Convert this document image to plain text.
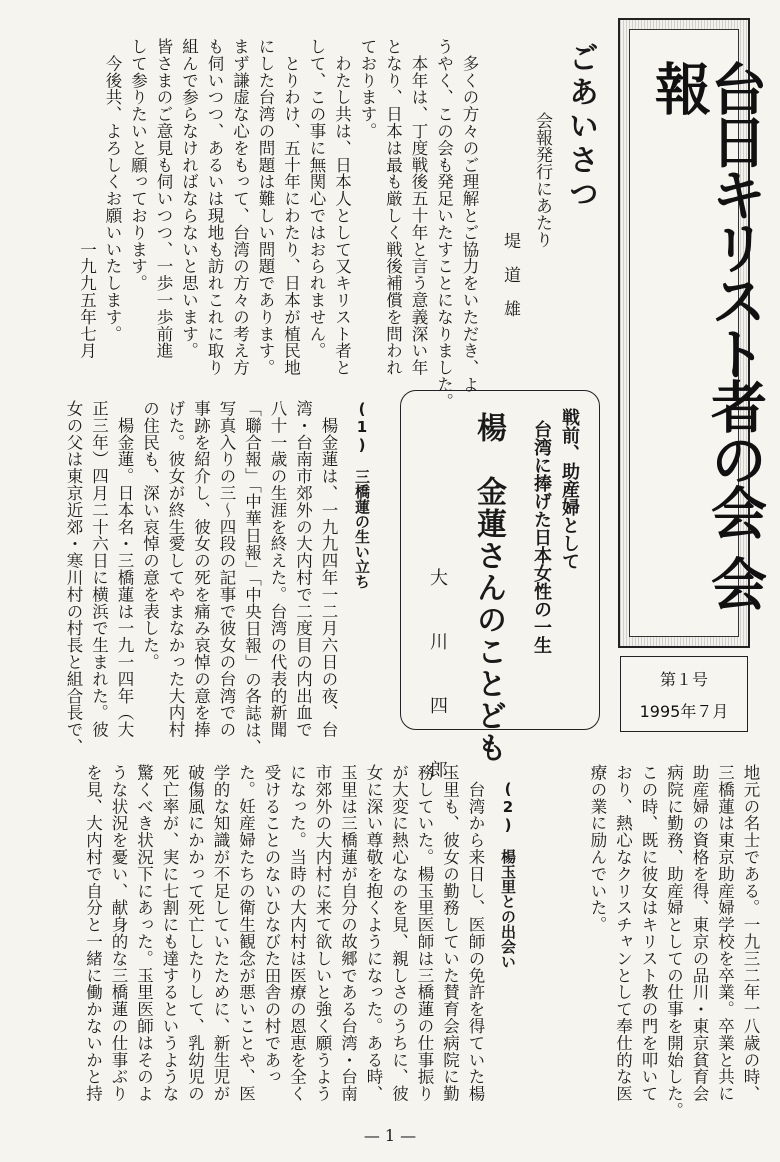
台日キリスト者の会会報
第１号
1995年７月
ごあいさつ
会報発行にあたり
堤　道　雄
　多くの方々のご理解とご協力をいただき、よ
うやく、この会も発足いたすことになりました。
　本年は、丁度戦後五十年と言う意義深い年
となり、日本は最も厳しく戦後補償を問われ
ております。
　わたし共は、日本人として又キリスト者と
して、この事に無関心ではおられません。
　とりわけ、五十年にわたり、日本が植民地
にした台湾の問題は難しい問題であります。
まず謙虚な心をもって、台湾の方々の考え方
も伺いつつ、あるいは現地も訪れこれに取り
組んで参らなければならないと思います。
皆さまのご意見も伺いつつ、一歩一歩前進
して参りたいと願っております。
　今後共、よろしくお願いいたします。
　　　　　　　　　　　　一九九五年七月
戦前、助産婦として
台湾に捧げた日本女性の一生
楊　金蓮さんのことども
大　川　四　郎
(1)　三橋蓮の生い立ち
　楊金蓮は、一九九四年一二月六日の夜、台
湾・台南市郊外の大内村で二度目の内出血で
八十一歳の生涯を終えた。台湾の代表的新聞
「聯合報」「中華日報」「中央日報」の各誌は、
写真入りの三〜四段の記事で彼女の台湾での
事跡を紹介し、彼女の死を痛み哀悼の意を捧
げた。彼女が終生愛してやまなかった大内村
の住民も、深い哀悼の意を表した。
　楊金蓮。日本名・三橋蓮は一九一四年（大
正三年）四月二十六日に横浜で生まれた。彼
女の父は東京近郊・寒川村の村長と組合長で、
地元の名士である。一九三二年一八歳の時、
三橋蓮は東京助産婦学校を卒業。卒業と共に
助産婦の資格を得、東京の品川・東京貧育会
病院に勤務、助産婦としての仕事を開始した。
この時、既に彼女はキリスト教の門を叩いて
おり、熱心なクリスチャンとして奉仕的な医
療の業に励んでいた。
(2)　楊玉里との出会い
　台湾から来日し、医師の免許を得ていた楊
玉里も、彼女の勤務していた賛育会病院に勤
務していた。楊玉里医師は三橋蓮の仕事振り
が大変に熱心なのを見、親しさのうちに、彼
女に深い尊敬を抱くようになった。ある時、
玉里は三橋蓮が自分の故郷である台湾・台南
市郊外の大内村に来て欲しいと強く願うよう
になった。当時の大内村は医療の恩恵を全く
受けることのないひなびた田舎の村であっ
た。妊産婦たちの衛生観念が悪いことや、医
学的な知識が不足していたために、新生児が
破傷風にかかって死亡したりして、乳幼児の
死亡率が、実に七割にも達するというような
驚くべき状況下にあった。玉里医師はそのよ
うな状況を憂い、献身的な三橋蓮の仕事ぶり
を見、大内村で自分と一緒に働かないかと持
— 1 —
